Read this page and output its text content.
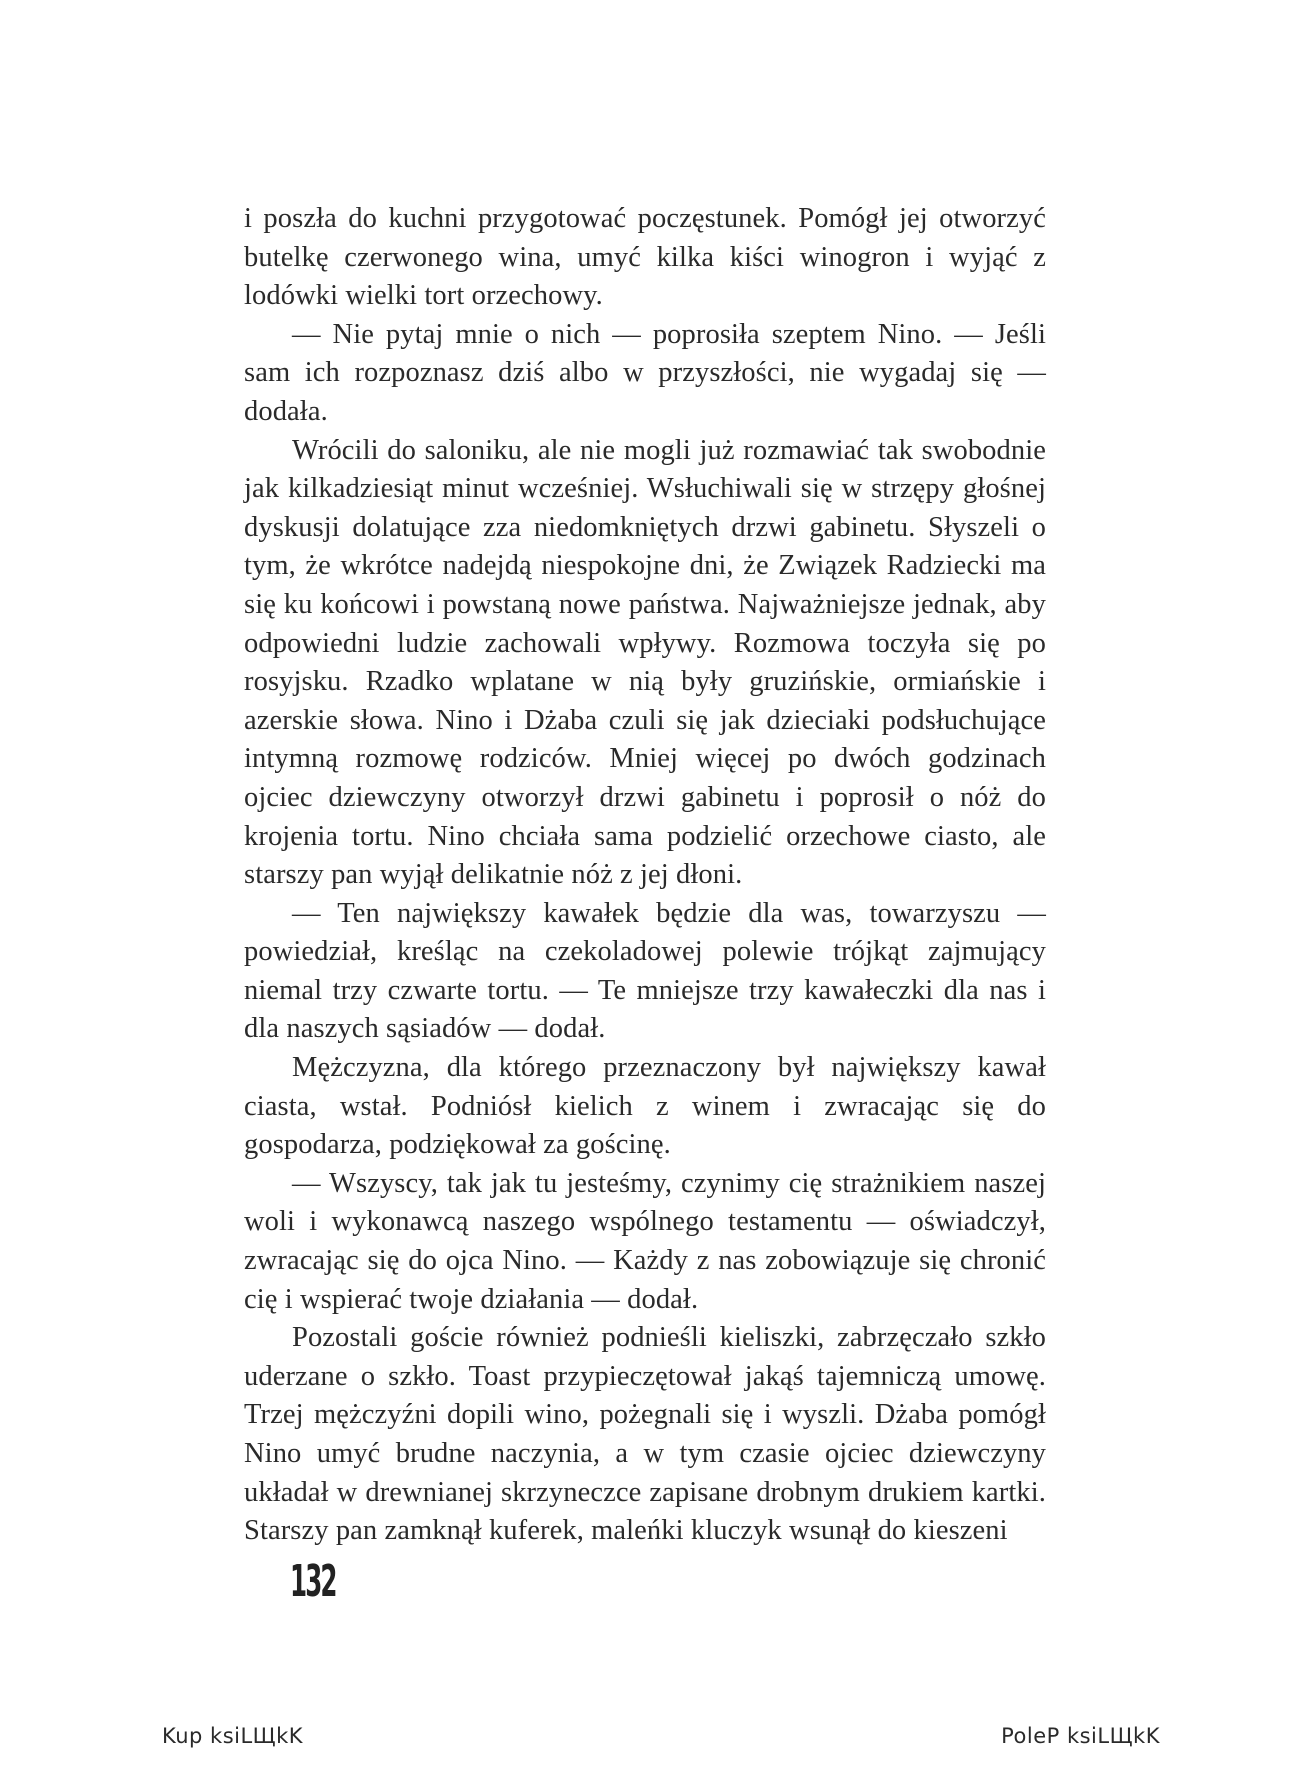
i poszła do kuchni przygotować poczęstunek. Pomógł jej otworzyć butelkę czerwonego wina, umyć kilka kiści winogron i wyjąć z lodówki wielki tort orzechowy.

— Nie pytaj mnie o nich — poprosiła szeptem Nino. — Jeśli sam ich rozpoznasz dziś albo w przyszłości, nie wygadaj się — dodała.

Wrócili do saloniku, ale nie mogli już rozmawiać tak swobodnie jak kilkadziesiąt minut wcześniej. Wsłuchiwali się w strzępy głośnej dyskusji dolatujące zza niedomkniętych drzwi gabinetu. Słyszeli o tym, że wkrótce nadejdą niespokojne dni, że Związek Radziecki ma się ku końcowi i powstaną nowe państwa. Najważniejsze jednak, aby odpowiedni ludzie zachowali wpływy. Rozmowa toczyła się po rosyjsku. Rzadko wplatane w nią były gruzińskie, ormiańskie i azerskie słowa. Nino i Dżaba czuli się jak dzieciaki podsłuchujące intymną rozmowę rodziców. Mniej więcej po dwóch godzinach ojciec dziewczyny otworzył drzwi gabinetu i poprosił o nóż do krojenia tortu. Nino chciała sama podzielić orzechowe ciasto, ale starszy pan wyjął delikatnie nóż z jej dłoni.

— Ten największy kawałek będzie dla was, towarzyszu — powiedział, kreśląc na czekoladowej polewie trójkąt zajmujący niemal trzy czwarte tortu. — Te mniejsze trzy kawałeczki dla nas i dla naszych sąsiadów — dodał.

Mężczyzna, dla którego przeznaczony był największy kawał ciasta, wstał. Podniósł kielich z winem i zwracając się do gospodarza, podziękował za gościnę.

— Wszyscy, tak jak tu jesteśmy, czynimy cię strażnikiem naszej woli i wykonawcą naszego wspólnego testamentu — oświadczył, zwracając się do ojca Nino. — Każdy z nas zobowiązuje się chronić cię i wspierać twoje działania — dodał.

Pozostali goście również podnieśli kieliszki, zabrzęczało szkło uderzane o szkło. Toast przypieczętował jakąś tajemniczą umowę. Trzej mężczyźni dopili wino, pożegnali się i wyszli. Dżaba pomógł Nino umyć brudne naczynia, a w tym czasie ojciec dziewczyny układał w drewnianej skrzyneczce zapisane drobnym drukiem kartki. Starszy pan zamknął kuferek, maleńki kluczyk wsunął do kieszeni

132
Kup ksiLЩkK	PoleP ksiLЩkK
